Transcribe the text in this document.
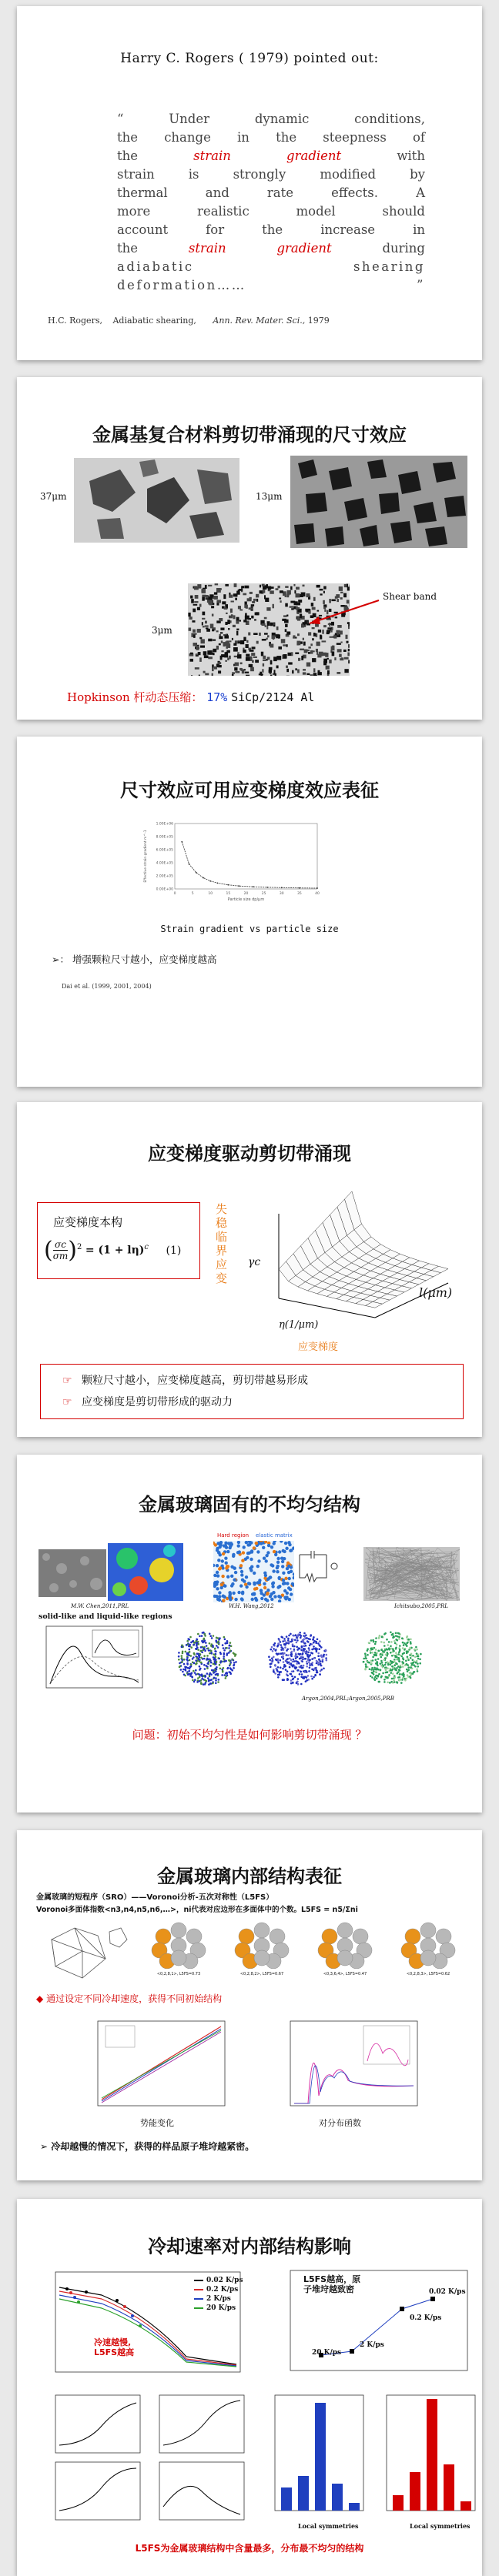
Harry C. Rogers ( 1979) pointed out:
“ Under dynamic conditions,
the change in the steepness of
the strain gradient with
strain is strongly modified by
thermal and rate effects. A
more realistic model should
account for the increase in
the strain gradient during
adiabatic shearing
deformation…… ”
H.C. Rogers, Adiabatic shearing, Ann. Rev. Mater. Sci., 1979
金属基复合材料剪切带涌现的尺寸效应
37μm	13μm
3μm
Shear band
Hopkinson 杆动态压缩： 17% SiCp/2124 Al
尺寸效应可用应变梯度效应表征
Effective strain gradient m^-1
1.00E+06
8.00E+05
6.00E+05
4.00E+05
2.00E+05
0.00E+00
0	5	10	15	20	25	30	35	40
Particle size dp/μm
Strain gradient vs particle size
➢： 增强颗粒尺寸越小，应变梯度越高
Dai et al. (1999, 2001, 2004)
应变梯度驱动剪切带涌现
应变梯度本构
( $\frac{\sigma c}{\sigma m} )^2 = (1 + l\eta)^c$ (1)
失
稳
临
界
应
变
γc
η(1/μm)
l(μm)
应变梯度
☞ 颗粒尺寸越小，应变梯度越高，剪切带越易形成
☞ 应变梯度是剪切带形成的驱动力
金属玻璃固有的不均匀结构
Hard region elastic matrix
M.W. Chen,2011,PRL	W.H. Wang,2012	Ichitsubo,2005,PRL
solid-like and liquid-like regions
Argon,2004,PRL;Argon,2005,PRB
问题：初始不均匀性是如何影响剪切带涌现 ？
金属玻璃内部结构表征
金属玻璃的短程序（SRO）——Voronoi分析-五次对称性（L5FS）
Voronoi多面体指数<n3,n4,n5,n6,…>，ni代表对应边形在多面体中的个数。L5FS = n5/Σni
<0,2,8,1>, L5FS=0.73	<0,2,8,2>, L5FS=0.67	<0,3,6,4>, L5FS=0.47	<0,2,8,3>, L5FS=0.62
◆ 通过设定不同冷却速度，获得不同初始结构
势能变化	对分布函数
➢ 冷却越慢的情况下，获得的样品原子堆垨越紧密。
冷却速率对内部结构影响
0.02 K/ps
0.2 K/ps
2 K/ps
20 K/ps
冷速越慢,
L5FS越高
L5FS越高，原
子堆垨越致密	0.02 K/ps
0.2 K/ps
2 K/ps
20 K/ps
Local symmetries	Local symmetries
L5FS为金属玻璃结构中含量最多，分布最不均匀的结构
